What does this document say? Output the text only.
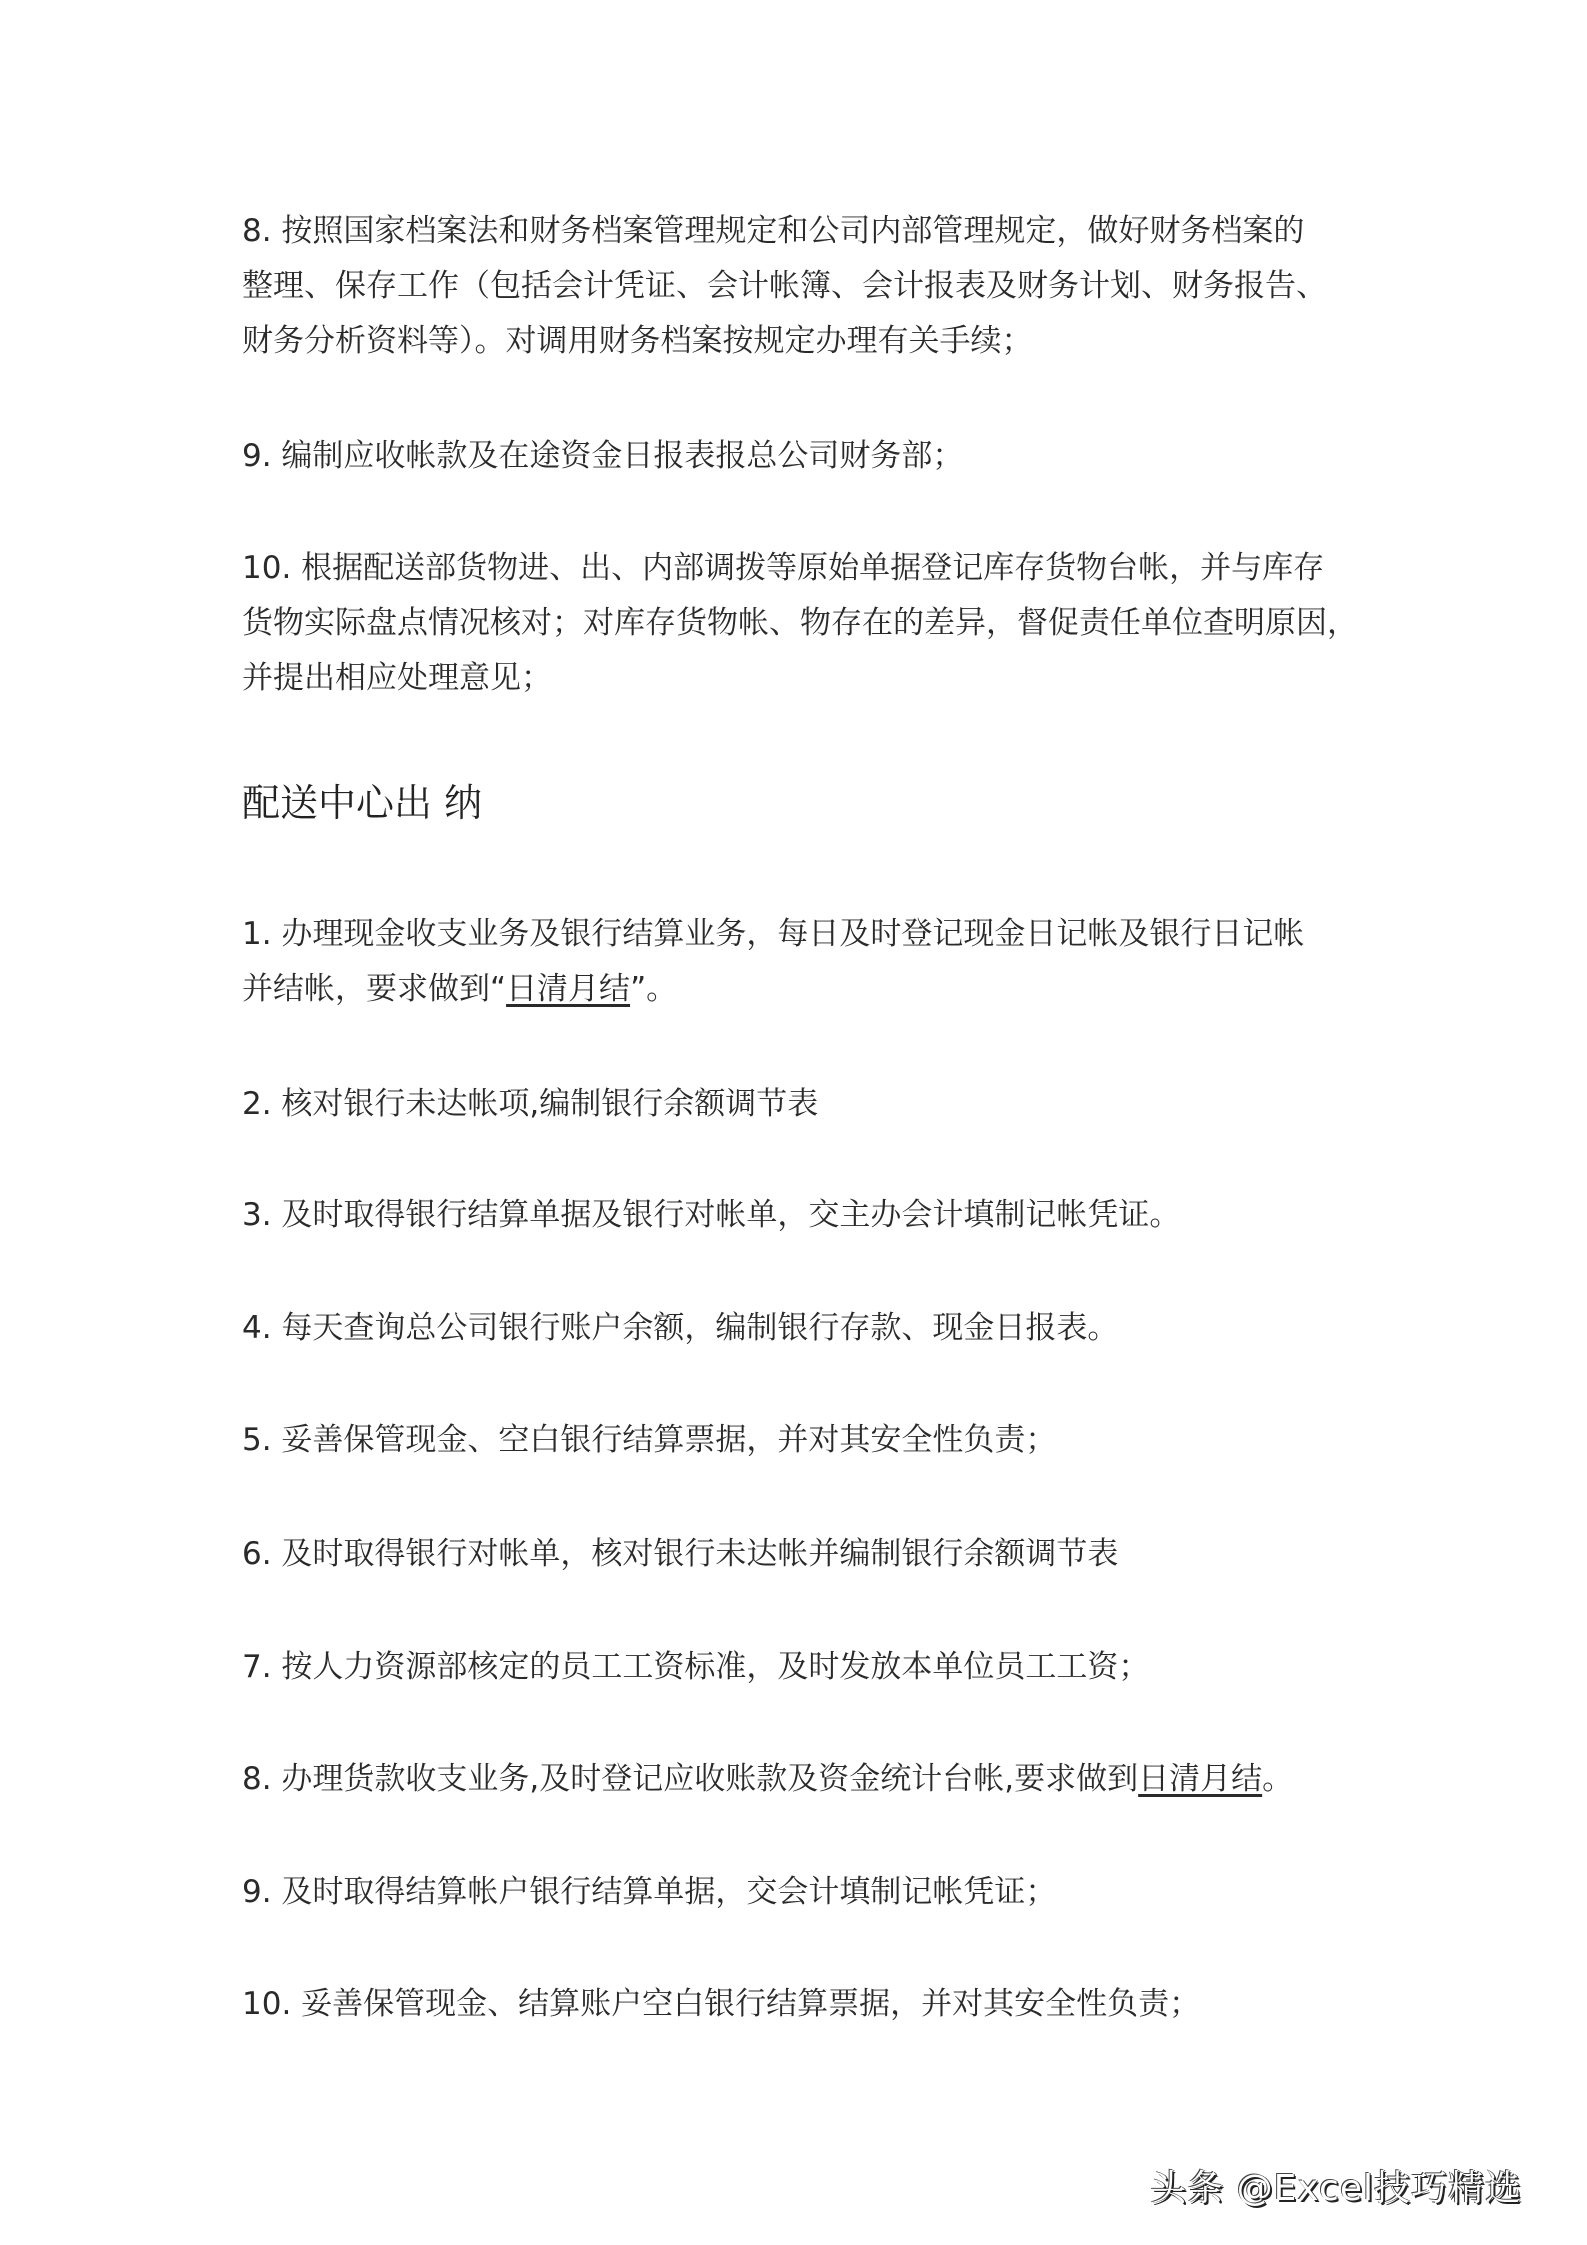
8. 按照国家档案法和财务档案管理规定和公司内部管理规定，做好财务档案的
整理、保存工作（包括会计凭证、会计帐簿、会计报表及财务计划、财务报告、
财务分析资料等）。对调用财务档案按规定办理有关手续；
9. 编制应收帐款及在途资金日报表报总公司财务部；
10. 根据配送部货物进、出、内部调拨等原始单据登记库存货物台帐，并与库存
货物实际盘点情况核对；对库存货物帐、物存在的差异，督促责任单位查明原因，
并提出相应处理意见；
配送中心出 纳
1. 办理现金收支业务及银行结算业务，每日及时登记现金日记帐及银行日记帐
并结帐，要求做到“日清月结”。
2. 核对银行未达帐项,编制银行余额调节表
3. 及时取得银行结算单据及银行对帐单，交主办会计填制记帐凭证。
4. 每天查询总公司银行账户余额，编制银行存款、现金日报表。
5. 妥善保管现金、空白银行结算票据，并对其安全性负责；
6. 及时取得银行对帐单，核对银行未达帐并编制银行余额调节表
7. 按人力资源部核定的员工工资标准，及时发放本单位员工工资；
8. 办理货款收支业务,及时登记应收账款及资金统计台帐,要求做到日清月结。
9. 及时取得结算帐户银行结算单据，交会计填制记帐凭证；
10. 妥善保管现金、结算账户空白银行结算票据，并对其安全性负责；
头条 @Excel技巧精选
